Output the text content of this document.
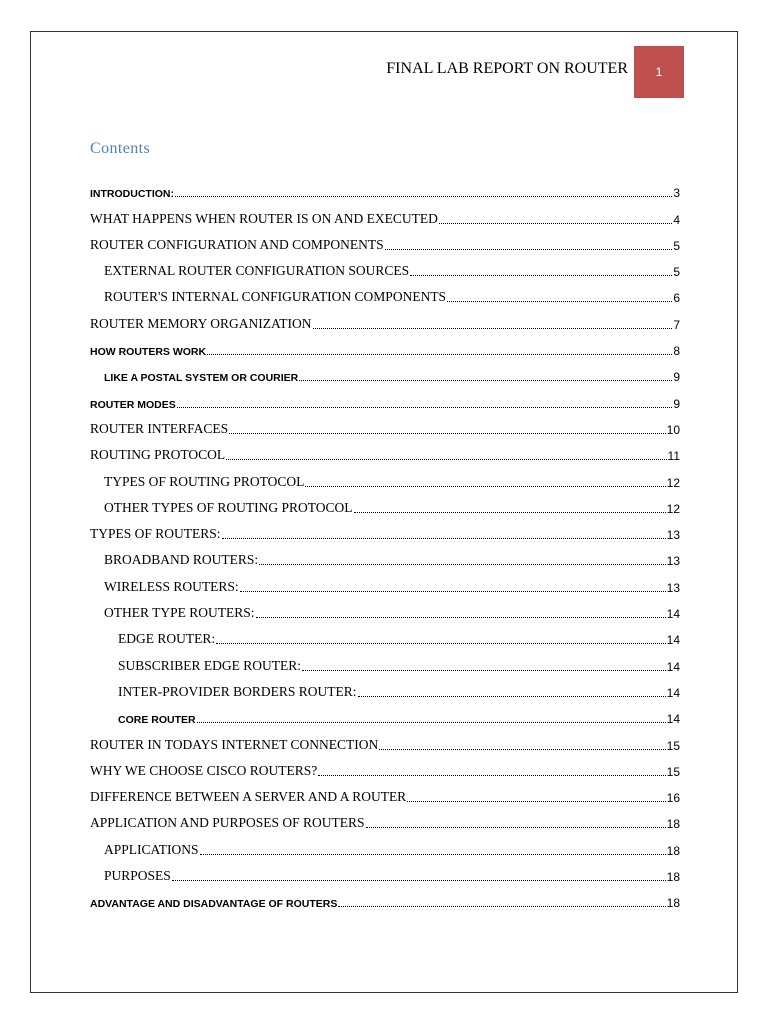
FINAL LAB REPORT ON ROUTER	1
Contents
INTRODUCTION:	3
WHAT HAPPENS WHEN ROUTER IS ON AND EXECUTED	4
ROUTER CONFIGURATION AND COMPONENTS	5
EXTERNAL ROUTER CONFIGURATION SOURCES	5
ROUTER'S INTERNAL CONFIGURATION COMPONENTS	6
ROUTER MEMORY ORGANIZATION	7
HOW ROUTERS WORK	8
LIKE A POSTAL SYSTEM OR COURIER	9
ROUTER MODES	9
ROUTER INTERFACES	10
ROUTING PROTOCOL	11
TYPES OF ROUTING PROTOCOL	12
OTHER TYPES OF ROUTING PROTOCOL	12
TYPES OF ROUTERS:	13
BROADBAND ROUTERS:	13
WIRELESS ROUTERS:	13
OTHER TYPE ROUTERS:	14
EDGE ROUTER:	14
SUBSCRIBER EDGE ROUTER:	14
INTER-PROVIDER BORDERS ROUTER:	14
CORE ROUTER	14
ROUTER IN TODAYS INTERNET CONNECTION	15
WHY WE CHOOSE CISCO ROUTERS?	15
DIFFERENCE BETWEEN A SERVER AND A ROUTER	16
APPLICATION AND PURPOSES OF ROUTERS	18
APPLICATIONS	18
PURPOSES	18
ADVANTAGE AND DISADVANTAGE OF ROUTERS	18
